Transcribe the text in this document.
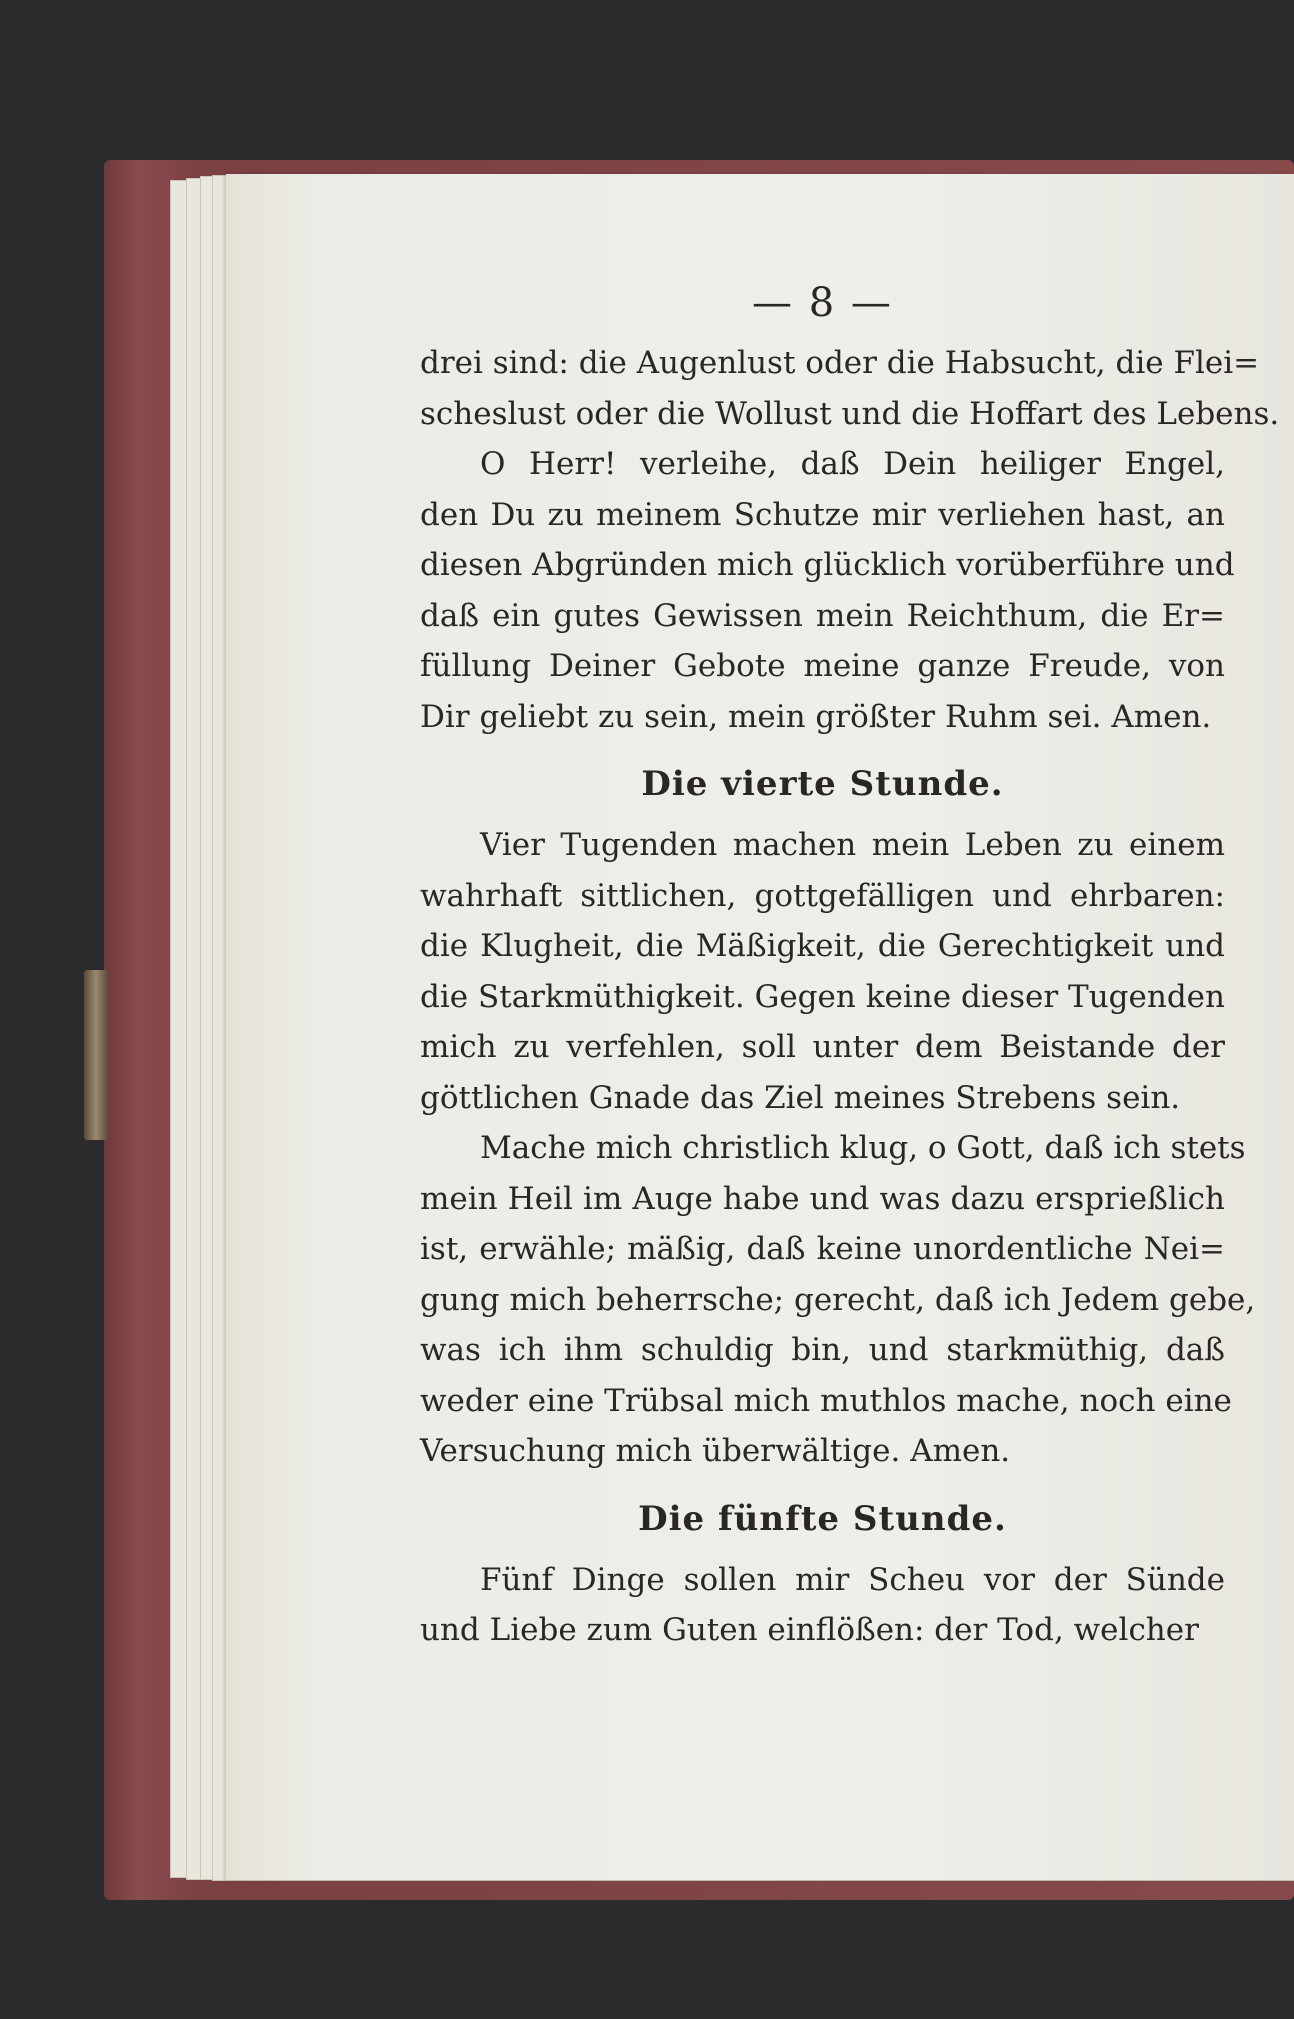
— 8 —

drei sind: die Augenlust oder die Habsucht, die Flei=
scheslust oder die Wollust und die Hoffart des Lebens.

O Herr! verleihe, daß Dein heiliger Engel,
den Du zu meinem Schutze mir verliehen hast, an
diesen Abgründen mich glücklich vorüberführe und
daß ein gutes Gewissen mein Reichthum, die Er=
füllung Deiner Gebote meine ganze Freude, von
Dir geliebt zu sein, mein größter Ruhm sei. Amen.

Die vierte Stunde.

Vier Tugenden machen mein Leben zu einem
wahrhaft sittlichen, gottgefälligen und ehrbaren:
die Klugheit, die Mäßigkeit, die Gerechtigkeit und
die Starkmüthigkeit. Gegen keine dieser Tugenden
mich zu verfehlen, soll unter dem Beistande der
göttlichen Gnade das Ziel meines Strebens sein.

Mache mich christlich klug, o Gott, daß ich stets
mein Heil im Auge habe und was dazu ersprießlich
ist, erwähle; mäßig, daß keine unordentliche Nei=
gung mich beherrsche; gerecht, daß ich Jedem gebe,
was ich ihm schuldig bin, und starkmüthig, daß
weder eine Trübsal mich muthlos mache, noch eine
Versuchung mich überwältige. Amen.

Die fünfte Stunde.

Fünf Dinge sollen mir Scheu vor der Sünde
und Liebe zum Guten einflößen: der Tod, welcher
